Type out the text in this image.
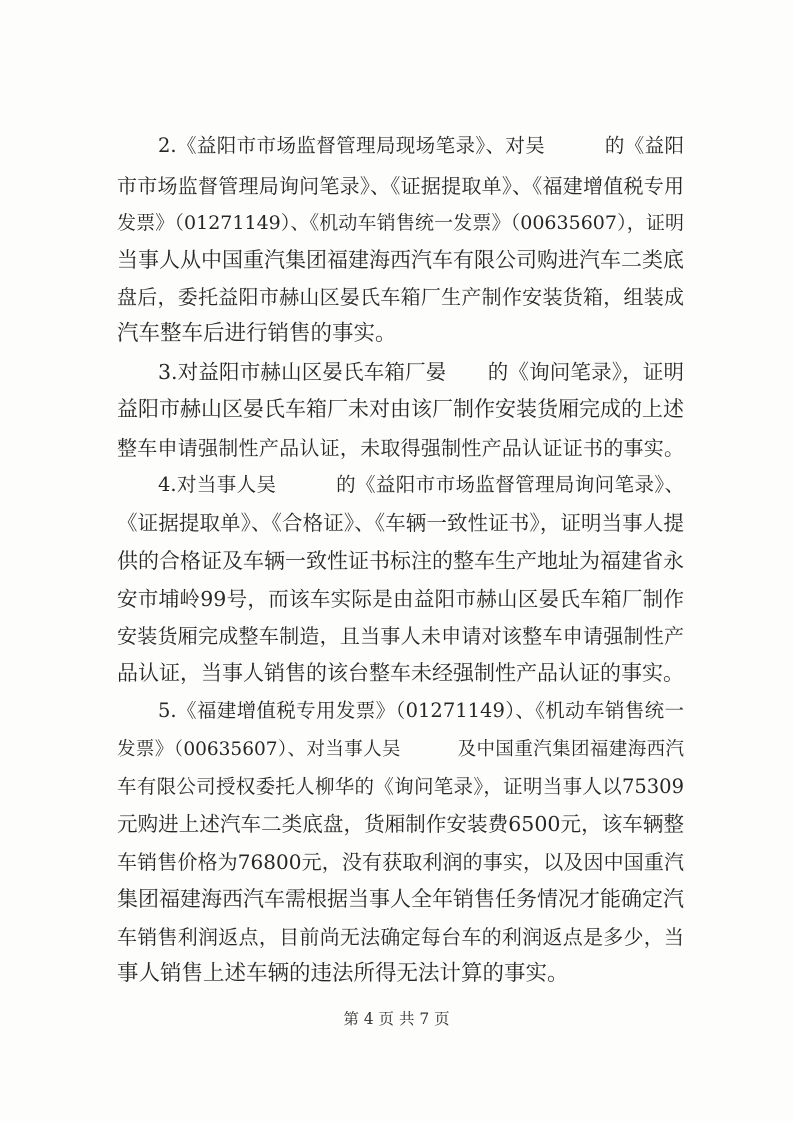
2.《益阳市市场监督管理局现场笔录》、对吴　　　的《益阳
市市场监督管理局询问笔录》、《证据提取单》、《福建增值税专用
发票》（01271149）、《机动车销售统一发票》（00635607），证明
当事人从中国重汽集团福建海西汽车有限公司购进汽车二类底
盘后，委托益阳市赫山区晏氏车箱厂生产制作安装货箱，组装成
汽车整车后进行销售的事实。
3.对益阳市赫山区晏氏车箱厂晏　　的《询问笔录》，证明
益阳市赫山区晏氏车箱厂未对由该厂制作安装货厢完成的上述
整车申请强制性产品认证，未取得强制性产品认证证书的事实。
4.对当事人吴　　　的《益阳市市场监督管理局询问笔录》、
《证据提取单》、《合格证》、《车辆一致性证书》，证明当事人提
供的合格证及车辆一致性证书标注的整车生产地址为福建省永
安市埔岭99号，而该车实际是由益阳市赫山区晏氏车箱厂制作
安装货厢完成整车制造，且当事人未申请对该整车申请强制性产
品认证，当事人销售的该台整车未经强制性产品认证的事实。
5.《福建增值税专用发票》（01271149）、《机动车销售统一
发票》（00635607）、对当事人吴　　　及中国重汽集团福建海西汽
车有限公司授权委托人柳华的《询问笔录》，证明当事人以75309
元购进上述汽车二类底盘，货厢制作安装费6500元，该车辆整
车销售价格为76800元，没有获取利润的事实，以及因中国重汽
集团福建海西汽车需根据当事人全年销售任务情况才能确定汽
车销售利润返点，目前尚无法确定每台车的利润返点是多少，当
事人销售上述车辆的违法所得无法计算的事实。
第 4 页 共 7 页
